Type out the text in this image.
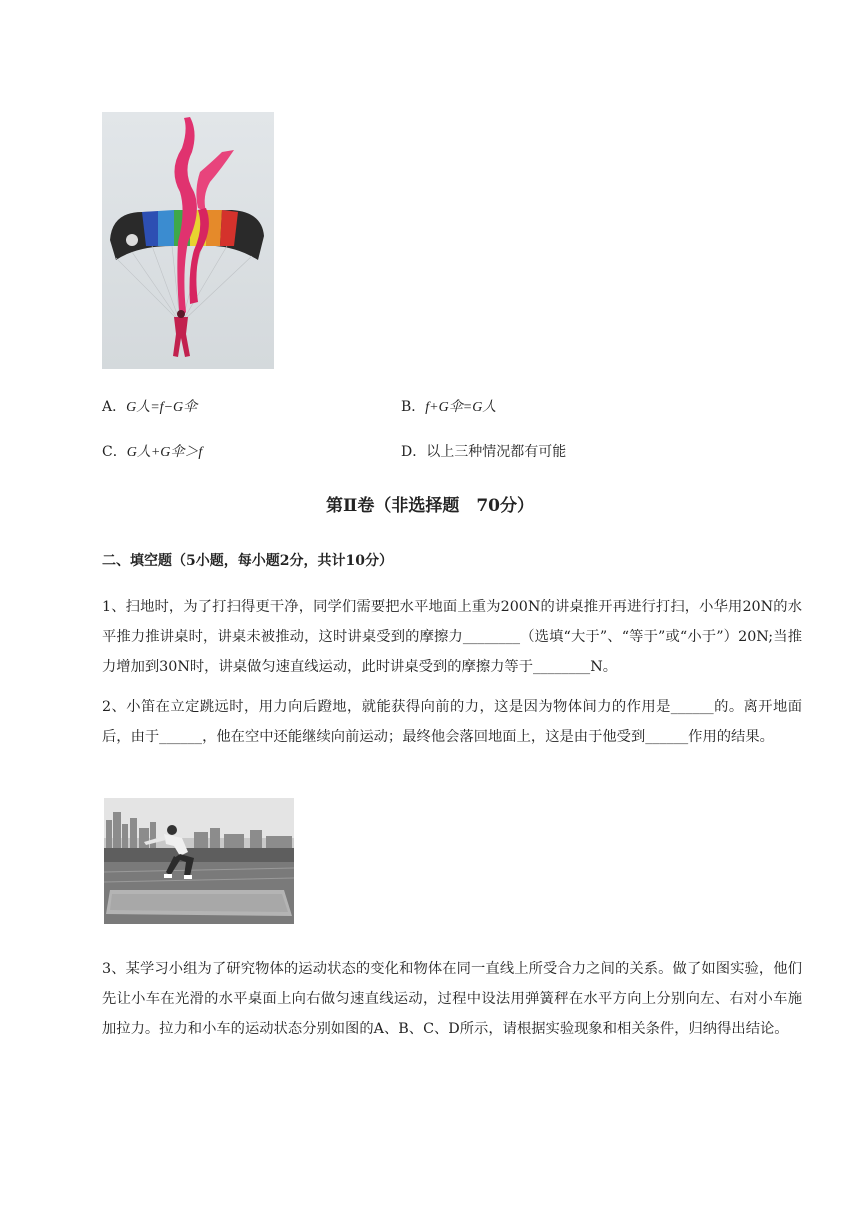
A．G人=f−G伞	B．f+G伞=G人
C．G人+G伞＞f	D．以上三种情况都有可能
第Ⅱ卷（非选择题　70分）
二、填空题（5小题，每小题2分，共计10分）

1、扫地时，为了打扫得更干净，同学们需要把水平地面上重为200N的讲桌推开再进行打扫，小华用20N的水平推力推讲桌时，讲桌未被推动，这时讲桌受到的摩擦力________（选填“大于”、“等于”或“小于”）20N;当推力增加到30N时，讲桌做匀速直线运动，此时讲桌受到的摩擦力等于________N。

2、小笛在立定跳远时，用力向后蹬地，就能获得向前的力，这是因为物体间力的作用是______的。离开地面后，由于______，他在空中还能继续向前运动；最终他会落回地面上，这是由于他受到______作用的结果。

3、某学习小组为了研究物体的运动状态的变化和物体在同一直线上所受合力之间的关系。做了如图实验，他们先让小车在光滑的水平桌面上向右做匀速直线运动，过程中设法用弹簧秤在水平方向上分别向左、右对小车施加拉力。拉力和小车的运动状态分别如图的A、B、C、D所示，请根据实验现象和相关条件，归纳得出结论。
